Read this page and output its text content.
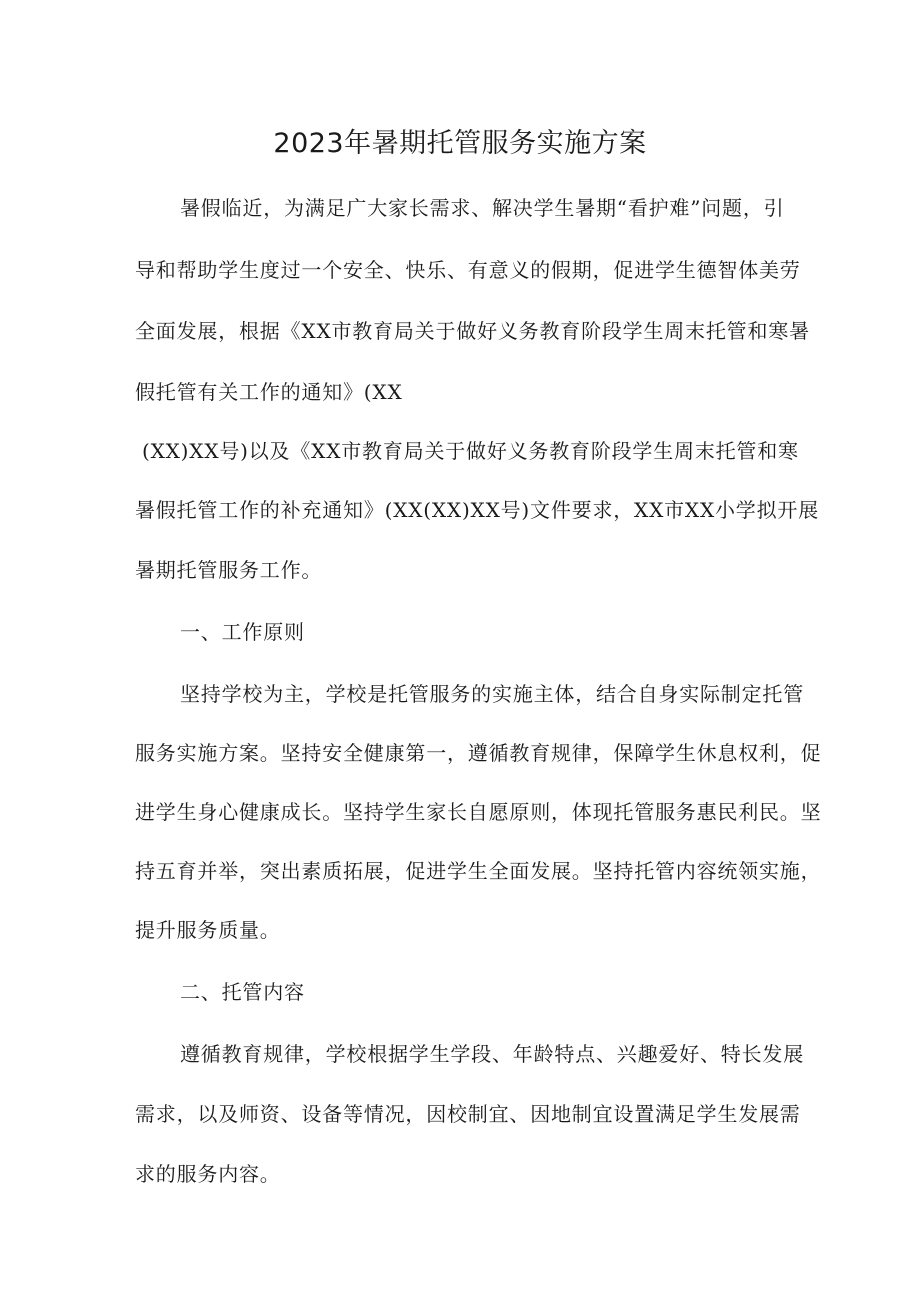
2023年暑期托管服务实施方案
暑假临近，为满足广大家长需求、解决学生暑期“看护难”问题，引
导和帮助学生度过一个安全、快乐、有意义的假期，促进学生德智体美劳
全面发展，根据《XX市教育局关于做好义务教育阶段学生周末托管和寒暑
假托管有关工作的通知》(XX
(XX)XX号)以及《XX市教育局关于做好义务教育阶段学生周末托管和寒
暑假托管工作的补充通知》(XX(XX)XX号)文件要求，XX市XX小学拟开展
暑期托管服务工作。
一、工作原则
坚持学校为主，学校是托管服务的实施主体，结合自身实际制定托管
服务实施方案。坚持安全健康第一，遵循教育规律，保障学生休息权利，促
进学生身心健康成长。坚持学生家长自愿原则，体现托管服务惠民利民。坚
持五育并举，突出素质拓展，促进学生全面发展。坚持托管内容统领实施，
提升服务质量。
二、托管内容
遵循教育规律，学校根据学生学段、年龄特点、兴趣爱好、特长发展
需求，以及师资、设备等情况，因校制宜、因地制宜设置满足学生发展需
求的服务内容。
